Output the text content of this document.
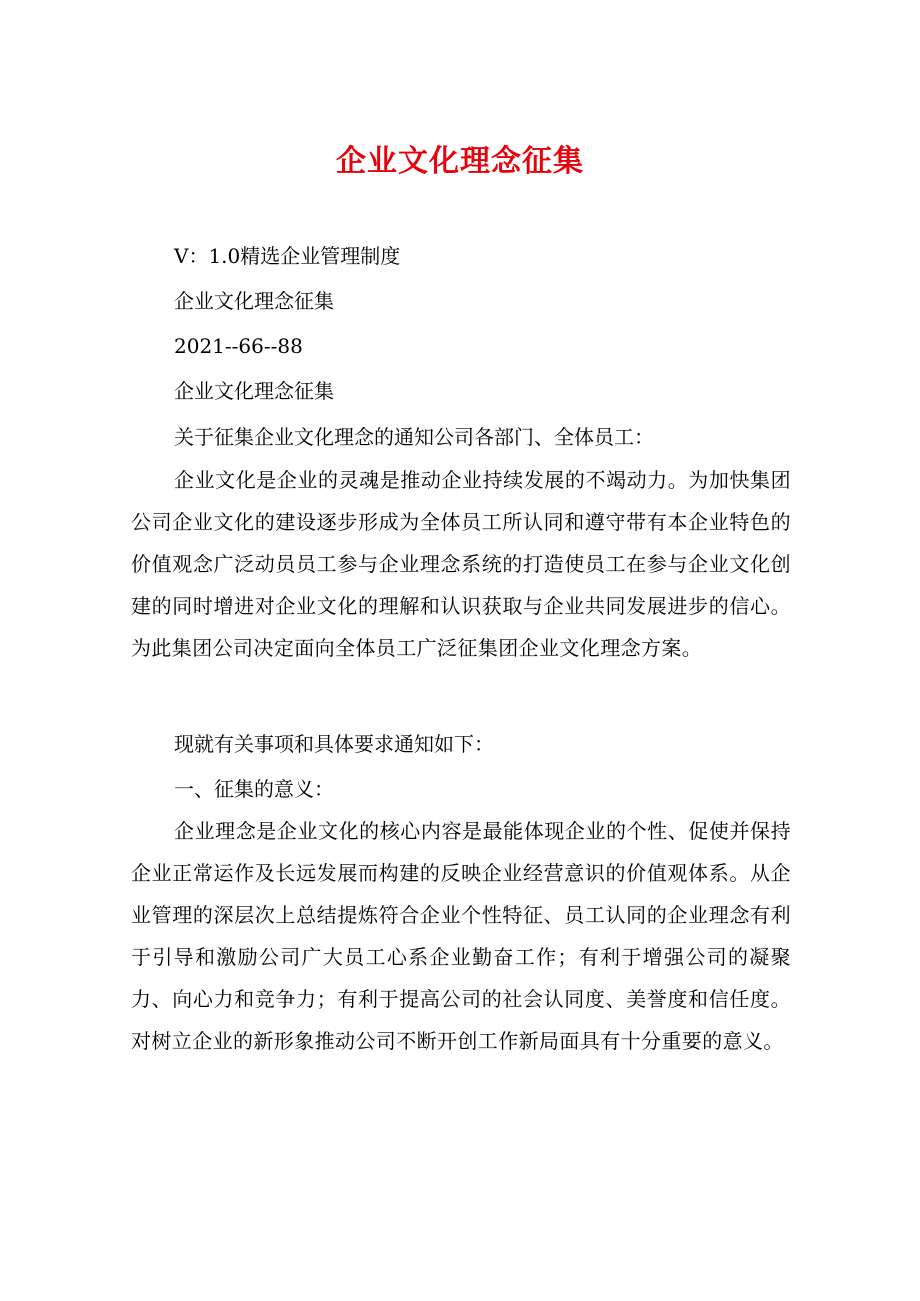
企业文化理念征集
V：1.0精选企业管理制度
企业文化理念征集
2021--66--88
企业文化理念征集
关于征集企业文化理念的通知公司各部门、全体员工：
企业文化是企业的灵魂是推动企业持续发展的不竭动力。为加快集团公司企业文化的建设逐步形成为全体员工所认同和遵守带有本企业特色的价值观念广泛动员员工参与企业理念系统的打造使员工在参与企业文化创建的同时增进对企业文化的理解和认识获取与企业共同发展进步的信心。为此集团公司决定面向全体员工广泛征集团企业文化理念方案。
现就有关事项和具体要求通知如下：
一、征集的意义：
企业理念是企业文化的核心内容是最能体现企业的个性、促使并保持企业正常运作及长远发展而构建的反映企业经营意识的价值观体系。从企业管理的深层次上总结提炼符合企业个性特征、员工认同的企业理念有利于引导和激励公司广大员工心系企业勤奋工作；有利于增强公司的凝聚力、向心力和竞争力；有利于提高公司的社会认同度、美誉度和信任度。对树立企业的新形象推动公司不断开创工作新局面具有十分重要的意义。
